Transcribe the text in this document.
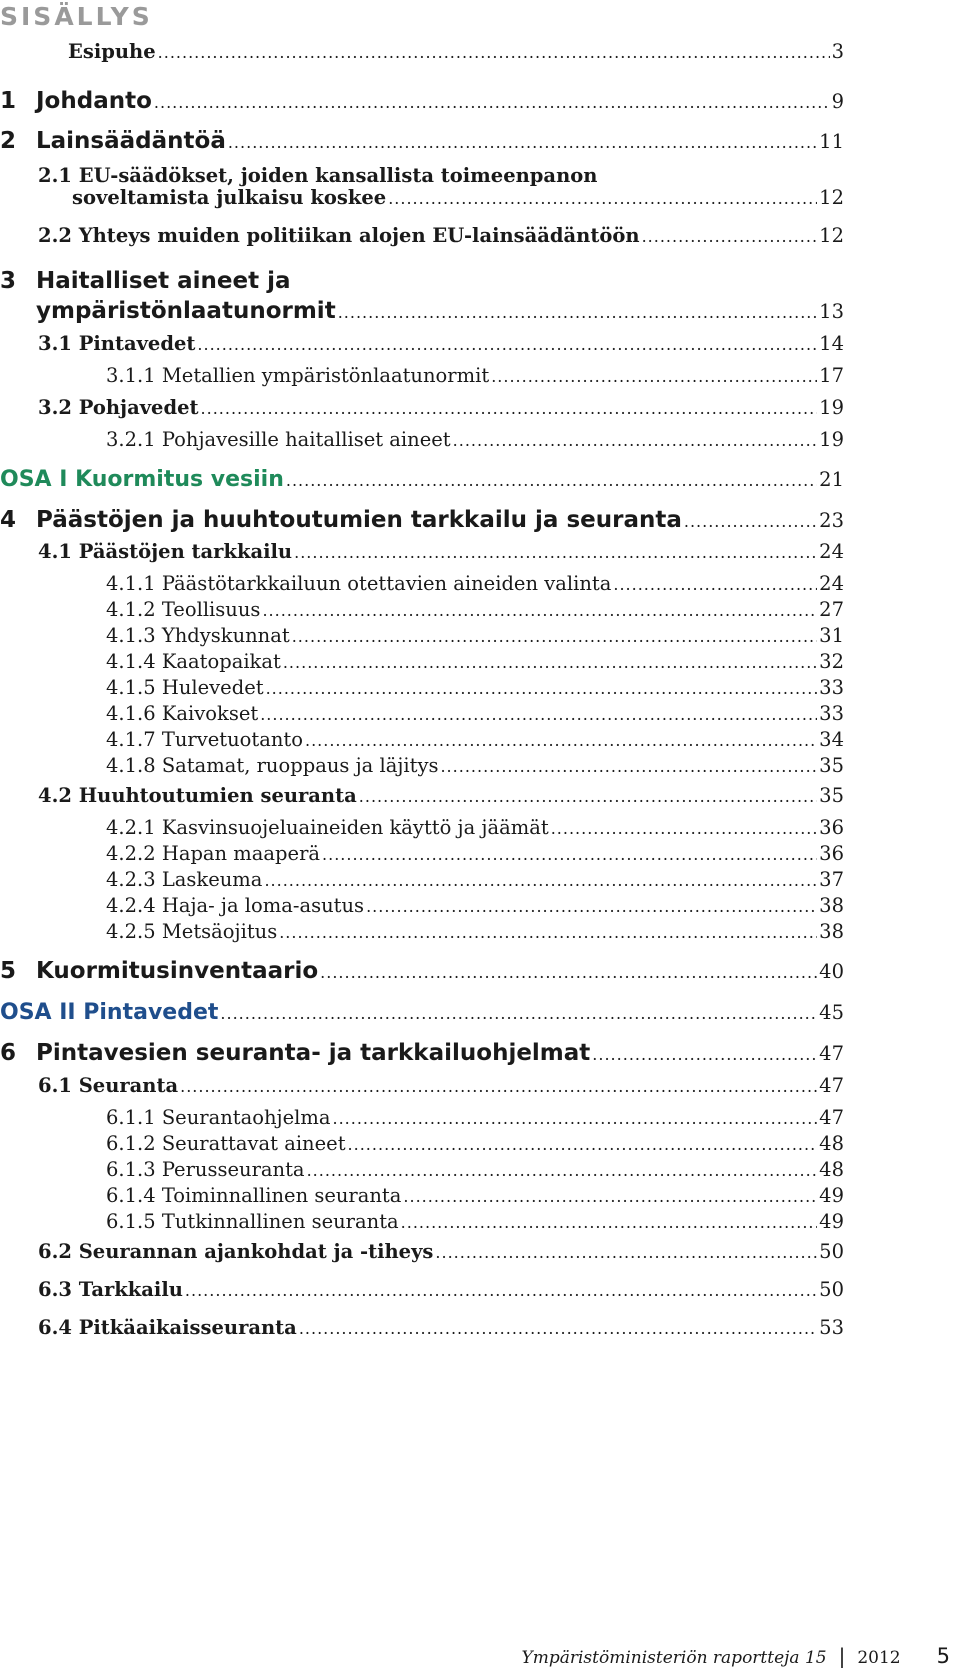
SISÄLLYS
Esipuhe .....	3
1 Johdanto .....	9
2 Lainsäädäntöä .....	11
2.1 EU-säädökset, joiden kansallista toimeenpanon
soveltamista julkaisu koskee .....	12
2.2 Yhteys muiden politiikan alojen EU-lainsäädäntöön .....	12
3 Haitalliset aineet ja
ympäristönlaatunormit .....	13
3.1 Pintavedet .....	14
3.1.1 Metallien ympäristönlaatunormit .....	17
3.2 Pohjavedet .....	19
3.2.1 Pohjavesille haitalliset aineet .....	19
OSA I Kuormitus vesiin .....	21
4 Päästöjen ja huuhtoutumien tarkkailu ja seuranta .....	23
4.1 Päästöjen tarkkailu .....	24
4.1.1 Päästötarkkailuun otettavien aineiden valinta .....	24
4.1.2 Teollisuus .....	27
4.1.3 Yhdyskunnat .....	31
4.1.4 Kaatopaikat .....	32
4.1.5 Hulevedet .....	33
4.1.6 Kaivokset .....	33
4.1.7 Turvetuotanto .....	34
4.1.8 Satamat, ruoppaus ja läjitys .....	35
4.2 Huuhtoutumien seuranta .....	35
4.2.1 Kasvinsuojeluaineiden käyttö ja jäämät .....	36
4.2.2 Hapan maaperä .....	36
4.2.3 Laskeuma .....	37
4.2.4 Haja- ja loma-asutus .....	38
4.2.5 Metsäojitus .....	38
5 Kuormitusinventaario .....	40
OSA II Pintavedet .....	45
6 Pintavesien seuranta- ja tarkkailuohjelmat .....	47
6.1 Seuranta .....	47
6.1.1 Seurantaohjelma .....	47
6.1.2 Seurattavat aineet .....	48
6.1.3 Perusseuranta .....	48
6.1.4 Toiminnallinen seuranta .....	49
6.1.5 Tutkinnallinen seuranta .....	49
6.2 Seurannan ajankohdat ja -tiheys .....	50
6.3 Tarkkailu .....	50
6.4 Pitkäaikaisseuranta .....	53
Ympäristöministeriön raportteja 15 | 2012 5
